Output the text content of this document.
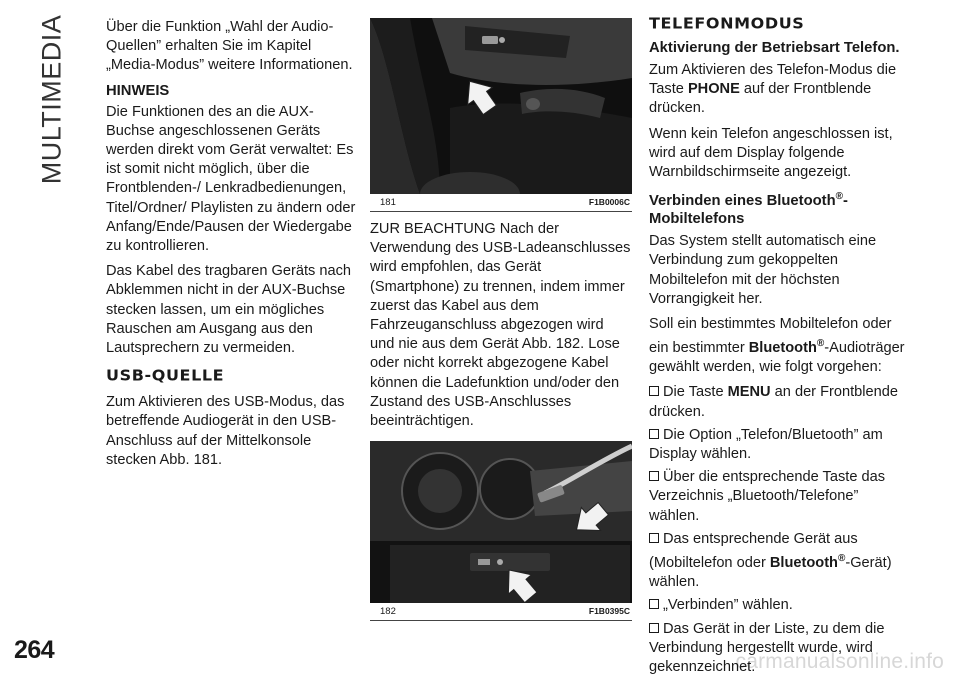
MULTIMEDIA
264	carmanualsonline.info

Über die Funktion „Wahl der Audio-Quellen” erhalten Sie im Kapitel „Media-Modus” weitere Informationen.

HINWEIS

Die Funktionen des an die AUX-Buchse angeschlossenen Geräts werden direkt vom Gerät verwaltet: Es ist somit nicht möglich, über die Frontblenden-/ Lenkradbedienungen, Titel/Ordner/ Playlisten zu ändern oder Anfang/Ende/Pausen der Wiedergabe zu kontrollieren.

Das Kabel des tragbaren Geräts nach Abklemmen nicht in der AUX-Buchse stecken lassen, um ein mögliches Rauschen am Ausgang aus den Lautsprechern zu vermeiden.

USB-QUELLE

Zum Aktivieren des USB-Modus, das betreffende Audiogerät in den USB-Anschluss auf der Mittelkonsole stecken Abb. 181.

181	F1B0006C

ZUR BEACHTUNG Nach der Verwendung des USB-Ladeanschlusses wird empfohlen, das Gerät (Smartphone) zu trennen, indem immer zuerst das Kabel aus dem Fahrzeuganschluss abgezogen wird und nie aus dem Gerät Abb. 182. Lose oder nicht korrekt abgezogene Kabel können die Ladefunktion und/oder den Zustand des USB-Anschlusses beeinträchtigen.

182	F1B0395C
TELEFONMODUS
Aktivierung der Betriebsart Telefon.

Zum Aktivieren des Telefon-Modus die Taste PHONE auf der Frontblende drücken.

Wenn kein Telefon angeschlossen ist, wird auf dem Display folgende Warnbildschirmseite angezeigt.

Verbinden eines Bluetooth®-Mobiltelefons

Das System stellt automatisch eine Verbindung zum gekoppelten Mobiltelefon mit der höchsten Vorrangigkeit her.

Soll ein bestimmtes Mobiltelefon oder ein bestimmter Bluetooth®-Audioträger gewählt werden, wie folgt vorgehen:

Die Taste MENU an der Frontblende drücken.
Die Option „Telefon/Bluetooth” am Display wählen.
Über die entsprechende Taste das Verzeichnis „Bluetooth/Telefone” wählen.
Das entsprechende Gerät aus (Mobiltelefon oder Bluetooth®-Gerät) wählen.
„Verbinden” wählen.
Das Gerät in der Liste, zu dem die Verbindung hergestellt wurde, wird gekennzeichnet.
